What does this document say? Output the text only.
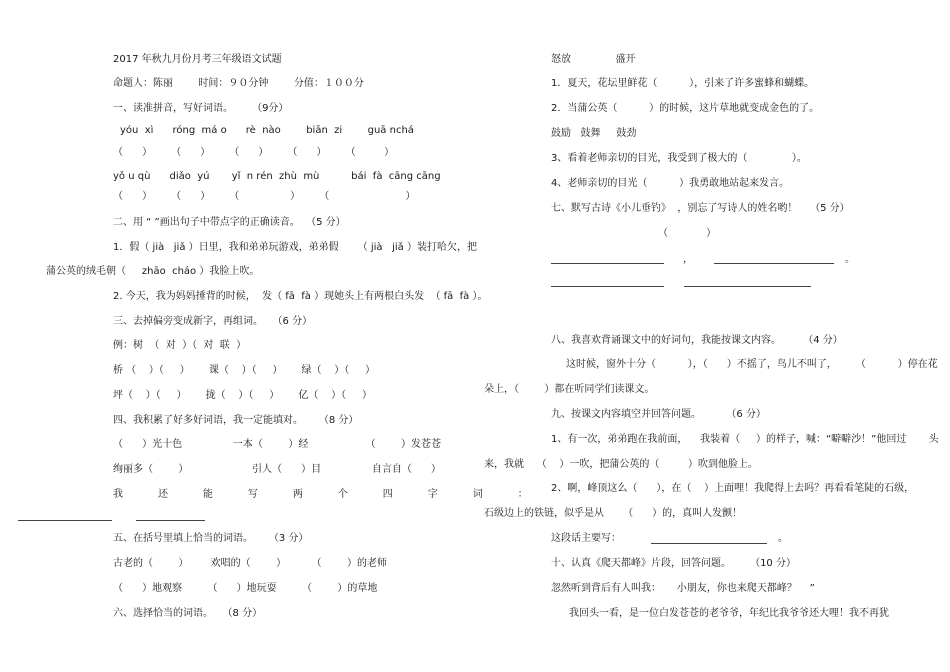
2017 年秋九月份月考三年级语文试题
命题人：陈丽        时间：９０分钟        分值：１００分
一、读准拼音，写好词语。      （9分）
yóu  xì      róng  má o      rè  nào        biān  zi        guā nchá
（      ）      （      ）      （      ）      （      ）      （         ）
yǒ u qù      diǎo  yú       yǐ  n rén  zhù  mù          bái  fà  cāng cāng
（      ）      （      ）      （                ）      （                        ）
二、用 “ ”画出句子中带点字的正确读音。  （5 分）
1．假（ jià   jiǎ ）日里，我和弟弟玩游戏，弟弟假      （ jià   jiǎ ）装打哈欠，把
蒲公英的绒毛朝（     zhāo  cháo ）我脸上吹。
2. 今天，我为妈妈捶背的时候，  发（ fā  fà ）现她头上有两根白头发  （ fā  fà ）。
三、去掉偏旁变成新字，再组词。   （6 分）
例：树  （  对  ）（  对  联  ）
桥 （    ）（     ）      课（    ）（     ）      绿（    ）（     ）
坪（    ）（     ）      拢（    ）（     ）      亿（    ）（     ）
四、我积累了好多好词语，我一定能填对。     （8 分）
（      ）光十色                一本（        ）经                  （        ）发苍苍
绚丽多（        ）                    引人（      ）目                自言自（      ）
我           还           能           写           两           个           四           字           词           ：
五、在括号里填上恰当的词语。     （3 分）
古老的（        ）       欢唱的（        ）        （        ）的老师
（      ）地观察        （      ）地玩耍        （        ）的草地
六、选择恰当的词语。   （8 分）
怒放              盛开
1．夏天，花坛里鲜花（          ），引来了许多蜜蜂和蝴蝶。
2．当蒲公英（          ）的时候，这片草地就变成金色的了。
鼓励   鼓舞     鼓劲
3、看着老师亲切的目光，我受到了极大的（              ）。
4、老师亲切的目光（          ）我勇敢地站起来发言。
七、默写古诗《小儿垂钓》  ，别忘了写诗人的姓名哟！    （5 分）
（            ）
，	。
八、我喜欢背诵课文中的好词句，我能按课文内容。       （4 分）
这时候，窗外十分（          ），（      ）不摇了，鸟儿不叫了，      （          ）停在花
朵上，（        ）都在听同学们读课文。
九、按课文内容填空并回答问题。        （6 分）
1、有一次，弟弟跑在我前面，    我装着（     ）的样子，喊：“噼噼沙！”他回过       头
来，我就    （    ）一吹，把蒲公英的（         ）吹到他脸上。
2、啊，峰顶这么（      ），在（    ）上面哩！我爬得上去吗？再看看笔陡的石级，
石级边上的铁链，似乎是从      （      ）的，真叫人发颤！
这段话主要写：	。
十、认真《爬天都峰》片段，回答问题。      （10 分）
忽然听到背后有人叫我：     小朋友，你也来爬天都峰？    ”
我回头一看，是一位白发苍苍的老爷爷，年纪比我爷爷还大哩！我不再犹
